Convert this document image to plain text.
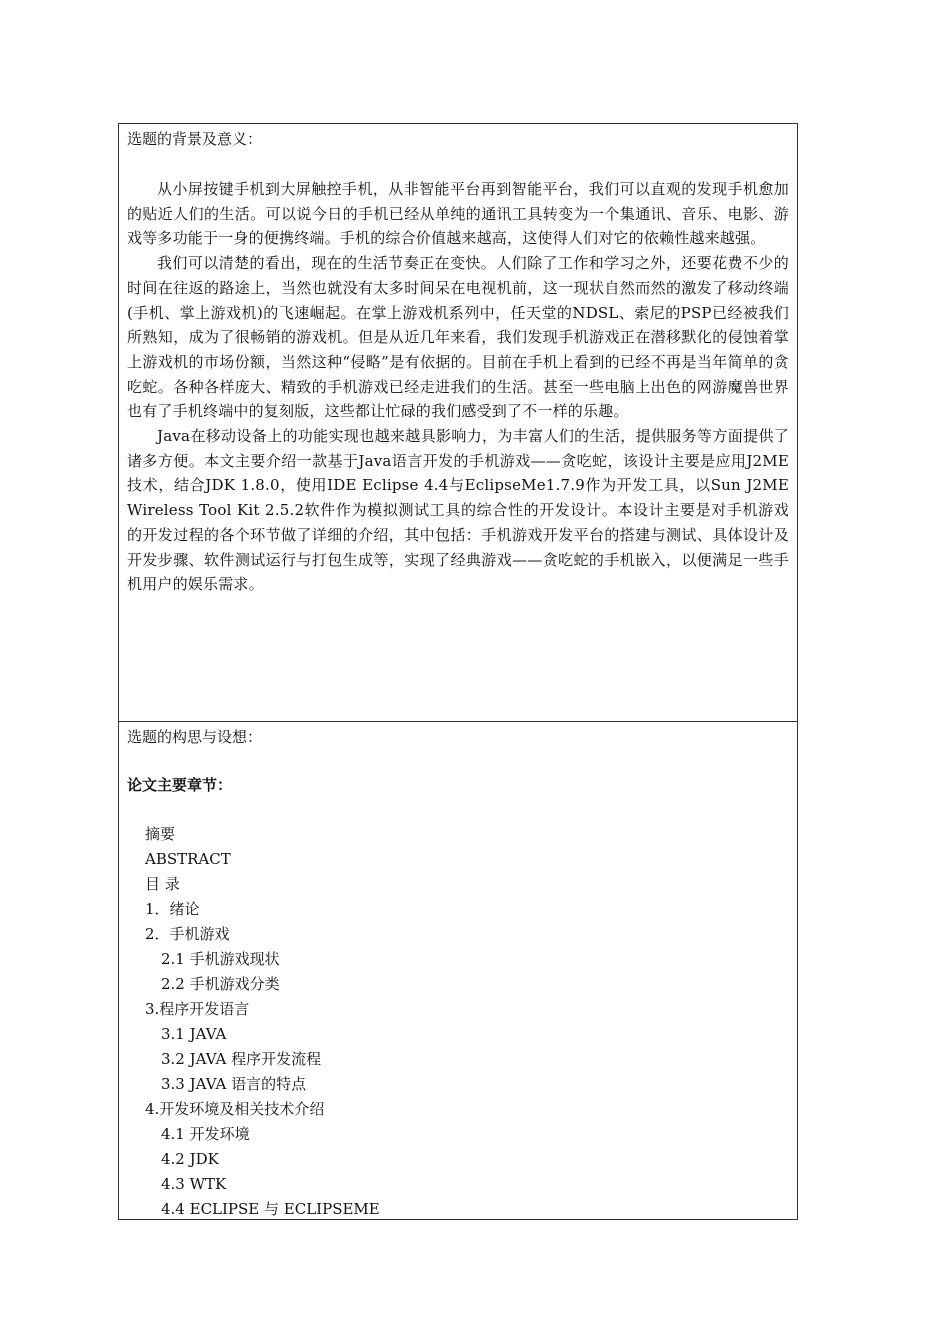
选题的背景及意义：

从小屏按键手机到大屏触控手机，从非智能平台再到智能平台，我们可以直观的发现手机愈加的贴近人们的生活。可以说今日的手机已经从单纯的通讯工具转变为一个集通讯、音乐、电影、游戏等多功能于一身的便携终端。手机的综合价值越来越高，这使得人们对它的依赖性越来越强。

我们可以清楚的看出，现在的生活节奏正在变快。人们除了工作和学习之外，还要花费不少的时间在往返的路途上，当然也就没有太多时间呆在电视机前，这一现状自然而然的激发了移动终端(手机、掌上游戏机)的飞速崛起。在掌上游戏机系列中，任天堂的NDSL、索尼的PSP已经被我们所熟知，成为了很畅销的游戏机。但是从近几年来看，我们发现手机游戏正在潜移默化的侵蚀着掌上游戏机的市场份额，当然这种“侵略”是有依据的。目前在手机上看到的已经不再是当年简单的贪吃蛇。各种各样庞大、精致的手机游戏已经走进我们的生活。甚至一些电脑上出色的网游魔兽世界也有了手机终端中的复刻版，这些都让忙碌的我们感受到了不一样的乐趣。

Java在移动设备上的功能实现也越来越具影响力，为丰富人们的生活，提供服务等方面提供了诸多方便。本文主要介绍一款基于Java语言开发的手机游戏——贪吃蛇，该设计主要是应用J2ME技术，结合JDK 1.8.0，使用IDE Eclipse 4.4与EclipseMe1.7.9作为开发工具，以Sun J2ME Wireless Tool Kit 2.5.2软件作为模拟测试工具的综合性的开发设计。本设计主要是对手机游戏的开发过程的各个环节做了详细的介绍，其中包括：手机游戏开发平台的搭建与测试、具体设计及开发步骤、软件测试运行与打包生成等，实现了经典游戏——贪吃蛇的手机嵌入，以便满足一些手机用户的娱乐需求。

选题的构思与设想：
论文主要章节：
摘要
ABSTRACT
目 录
1．绪论
2．手机游戏
2.1 手机游戏现状
2.2 手机游戏分类
3.程序开发语言
3.1 JAVA
3.2 JAVA 程序开发流程
3.3 JAVA 语言的特点
4.开发环境及相关技术介绍
4.1 开发环境
4.2 JDK
4.3 WTK
4.4 ECLIPSE 与 ECLIPSEME
